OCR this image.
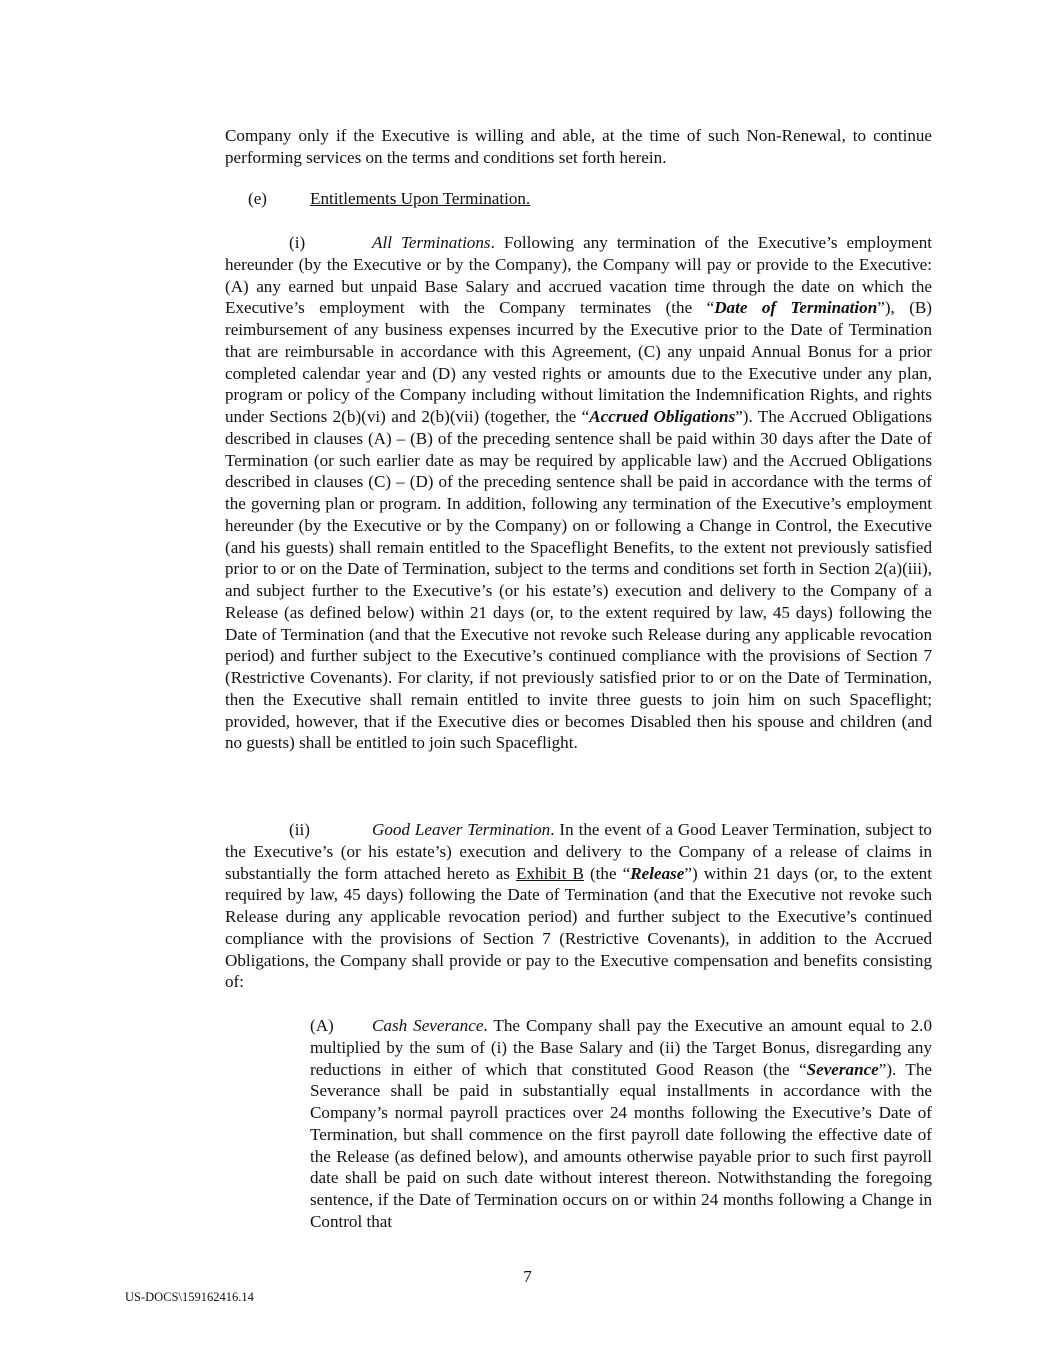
Company only if the Executive is willing and able, at the time of such Non-Renewal, to continue performing services on the terms and conditions set forth herein.

(e)	Entitlements Upon Termination.

(i)	All Terminations. Following any termination of the Executive’s employment hereunder (by the Executive or by the Company), the Company will pay or provide to the Executive: (A) any earned but unpaid Base Salary and accrued vacation time through the date on which the Executive’s employment with the Company terminates (the “Date of Termination”), (B) reimbursement of any business expenses incurred by the Executive prior to the Date of Termination that are reimbursable in accordance with this Agreement, (C) any unpaid Annual Bonus for a prior completed calendar year and (D) any vested rights or amounts due to the Executive under any plan, program or policy of the Company including without limitation the Indemnification Rights, and rights under Sections 2(b)(vi) and 2(b)(vii) (together, the “Accrued Obligations”). The Accrued Obligations described in clauses (A) – (B) of the preceding sentence shall be paid within 30 days after the Date of Termination (or such earlier date as may be required by applicable law) and the Accrued Obligations described in clauses (C) – (D) of the preceding sentence shall be paid in accordance with the terms of the governing plan or program. In addition, following any termination of the Executive’s employment hereunder (by the Executive or by the Company) on or following a Change in Control, the Executive (and his guests) shall remain entitled to the Spaceflight Benefits, to the extent not previously satisfied prior to or on the Date of Termination, subject to the terms and conditions set forth in Section 2(a)(iii), and subject further to the Executive’s (or his estate’s) execution and delivery to the Company of a Release (as defined below) within 21 days (or, to the extent required by law, 45 days) following the Date of Termination (and that the Executive not revoke such Release during any applicable revocation period) and further subject to the Executive’s continued compliance with the provisions of Section 7 (Restrictive Covenants). For clarity, if not previously satisfied prior to or on the Date of Termination, then the Executive shall remain entitled to invite three guests to join him on such Spaceflight; provided, however, that if the Executive dies or becomes Disabled then his spouse and children (and no guests) shall be entitled to join such Spaceflight.

(ii)	Good Leaver Termination. In the event of a Good Leaver Termination, subject to the Executive’s (or his estate’s) execution and delivery to the Company of a release of claims in substantially the form attached hereto as Exhibit B (the “Release”) within 21 days (or, to the extent required by law, 45 days) following the Date of Termination (and that the Executive not revoke such Release during any applicable revocation period) and further subject to the Executive’s continued compliance with the provisions of Section 7 (Restrictive Covenants), in addition to the Accrued Obligations, the Company shall provide or pay to the Executive compensation and benefits consisting of:

(A) Cash Severance. The Company shall pay the Executive an amount equal to 2.0 multiplied by the sum of (i) the Base Salary and (ii) the Target Bonus, disregarding any reductions in either of which that constituted Good Reason (the “Severance”). The Severance shall be paid in substantially equal installments in accordance with the Company’s normal payroll practices over 24 months following the Executive’s Date of Termination, but shall commence on the first payroll date following the effective date of the Release (as defined below), and amounts otherwise payable prior to such first payroll date shall be paid on such date without interest thereon. Notwithstanding the foregoing sentence, if the Date of Termination occurs on or within 24 months following a Change in Control that

7
US-DOCS\159162416.14
